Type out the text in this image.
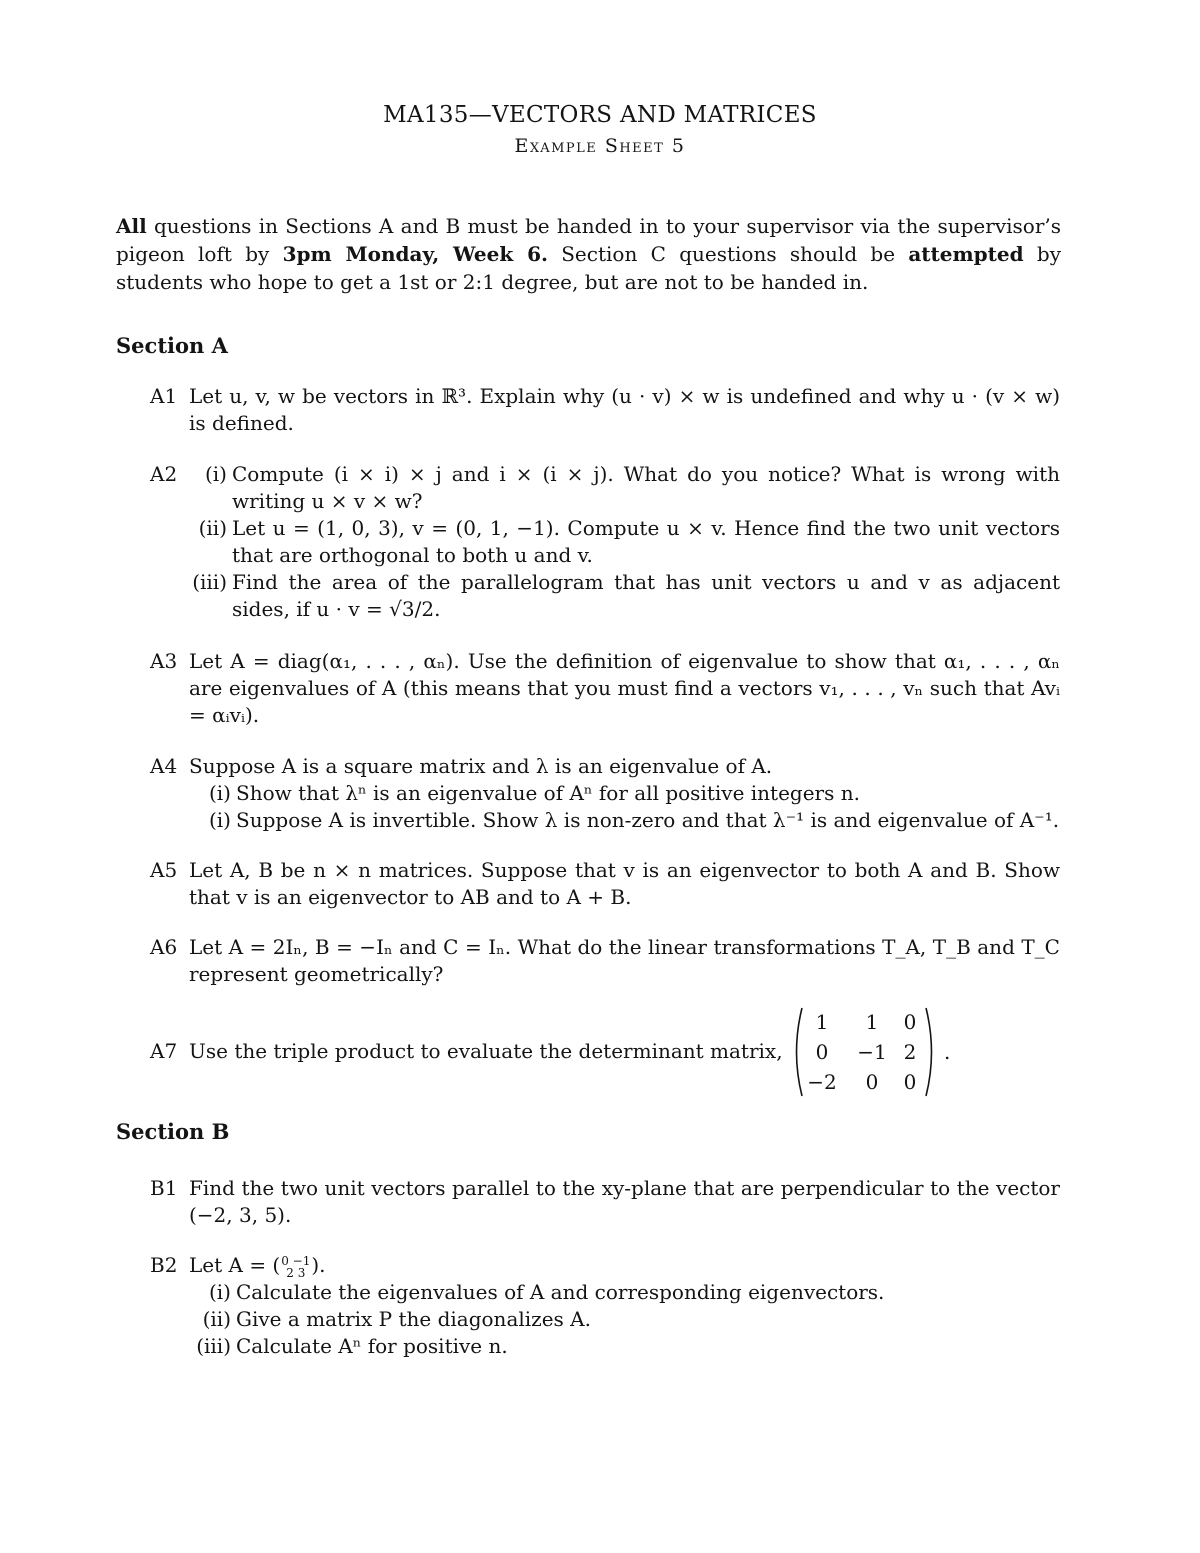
MA135—VECTORS AND MATRICES
Example Sheet 5
All questions in Sections A and B must be handed in to your supervisor via the supervisor’s pigeon loft by 3pm Monday, Week 6. Section C questions should be attempted by students who hope to get a 1st or 2:1 degree, but are not to be handed in.
Section A
A1 Let u, v, w be vectors in ℝ³. Explain why (u · v) × w is undefined and why u · (v × w) is defined.
A2	(i) Compute (i × i) × j and i × (i × j). What do you notice? What is wrong with writing u × v × w?
(ii) Let u = (1, 0, 3), v = (0, 1, −1). Compute u × v. Hence find the two unit vectors that are orthogonal to both u and v.
(iii) Find the area of the parallelogram that has unit vectors u and v as adjacent sides, if u · v = √3/2.
A3 Let A = diag(α₁, . . . , αₙ). Use the definition of eigenvalue to show that α₁, . . . , αₙ are eigenvalues of A (this means that you must find a vectors v₁, . . . , vₙ such that Avᵢ = αᵢvᵢ).
A4 Suppose A is a square matrix and λ is an eigenvalue of A.
(i) Show that λⁿ is an eigenvalue of Aⁿ for all positive integers n.
(i) Suppose A is invertible. Show λ is non-zero and that λ⁻¹ is and eigenvalue of A⁻¹.
A5 Let A, B be n × n matrices. Suppose that v is an eigenvector to both A and B. Show that v is an eigenvector to AB and to A + B.
A6 Let A = 2Iₙ, B = −Iₙ and C = Iₙ. What do the linear transformations T_A, T_B and T_C represent geometrically?
A7 Use the triple product to evaluate the determinant matrix,
1	1	0
0	−1 2
−2	0	0
.
Section B
B1 Find the two unit vectors parallel to the xy-plane that are perpendicular to the vector (−2, 3, 5).
B2 Let A = ( 0 −1
2 3 ).
(i) Calculate the eigenvalues of A and corresponding eigenvectors.
(ii) Give a matrix P the diagonalizes A.
(iii) Calculate Aⁿ for positive n.
